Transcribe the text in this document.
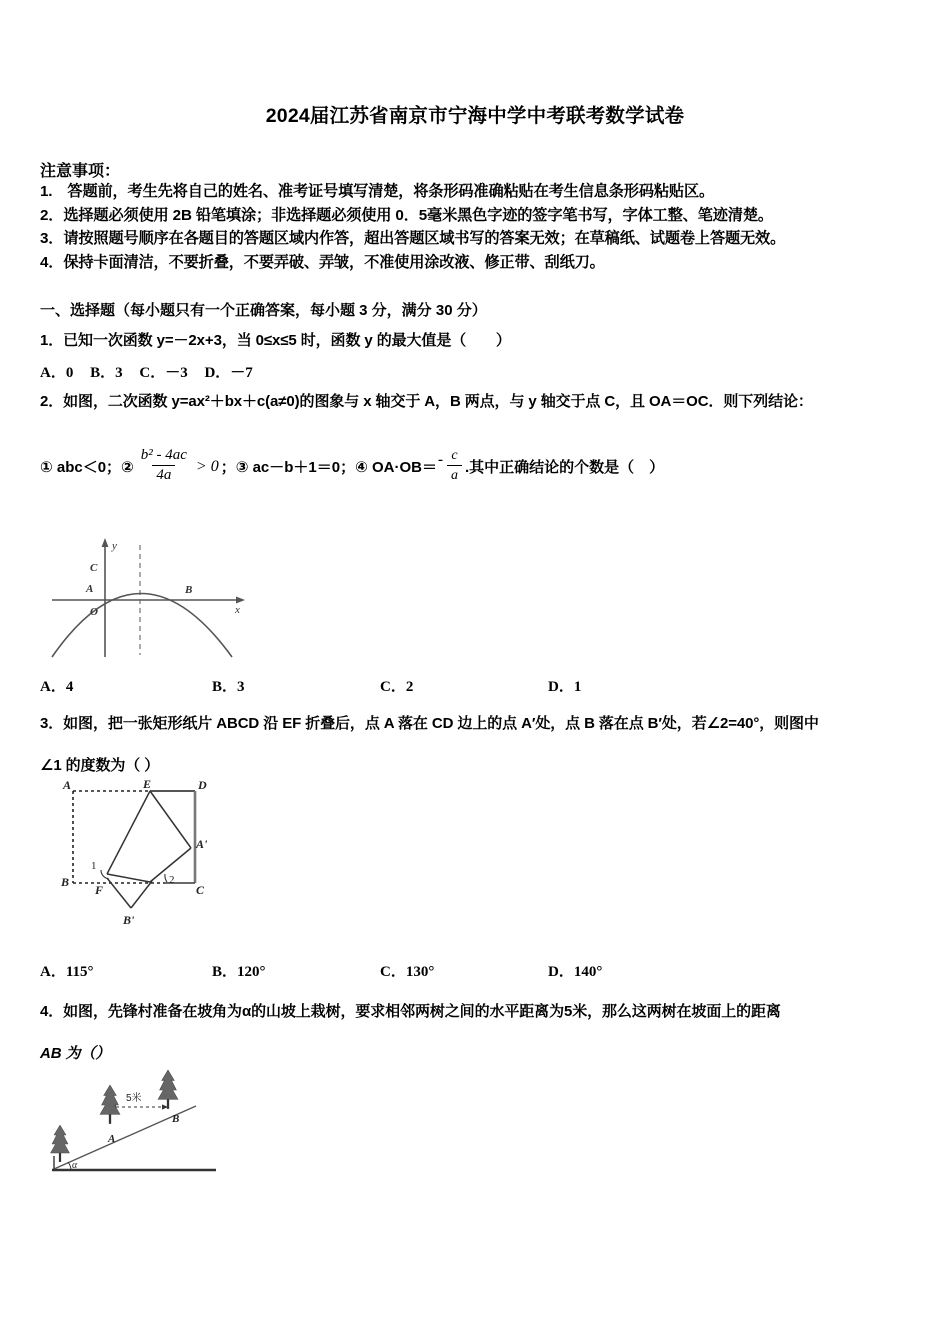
2024届江苏省南京市宁海中学中考联考数学试卷
注意事项：
1.　答题前，考生先将自己的姓名、准考证号填写清楚，将条形码准确粘贴在考生信息条形码粘贴区。
2．选择题必须使用 2B 铅笔填涂；非选择题必须使用 0．5毫米黑色字迹的签字笔书写，字体工整、笔迹清楚。
3．请按照题号顺序在各题目的答题区域内作答，超出答题区域书写的答案无效；在草稿纸、试题卷上答题无效。
4．保持卡面清洁，不要折叠，不要弄破、弄皱，不准使用涂改液、修正带、刮纸刀。
一、选择题（每小题只有一个正确答案，每小题 3 分，满分 30 分）
1．已知一次函数 y=－2x+3，当 0≤x≤5 时，函数 y 的最大值是（　　）
A．0 B．3 C．－3 D．－7
2．如图，二次函数 y=ax²＋bx＋c(a≠0)的图象与 x 轴交于 A，B 两点，与 y 轴交于点 C，且 OA＝OC．则下列结论：
① abc＜0；② $\frac{\text{b² - 4ac}}{4a} > 0$ ；③ ac－b＋1＝0；④ $OA\cdot OB= - \frac{c}{a}$ .其中正确结论的个数是（　）
A	B
C
O
y
x
A．4	B．3	C．2	D．1
3．如图，把一张矩形纸片 ABCD 沿 EF 折叠后，点 A 落在 CD 边上的点 A′处，点 B 落在点 B′处，若∠2=40°，则图中
∠1 的度数为（ ）
A	E	D
A'
1
2
B
F	C
B'
A．115°	B．120°	C．130°	D．140°
4．如图，先锋村准备在坡角为α的山坡上栽树，要求相邻两树之间的水平距离为5米，那么这两树在坡面上的距离
AB 为（）
α
5米
A
B
